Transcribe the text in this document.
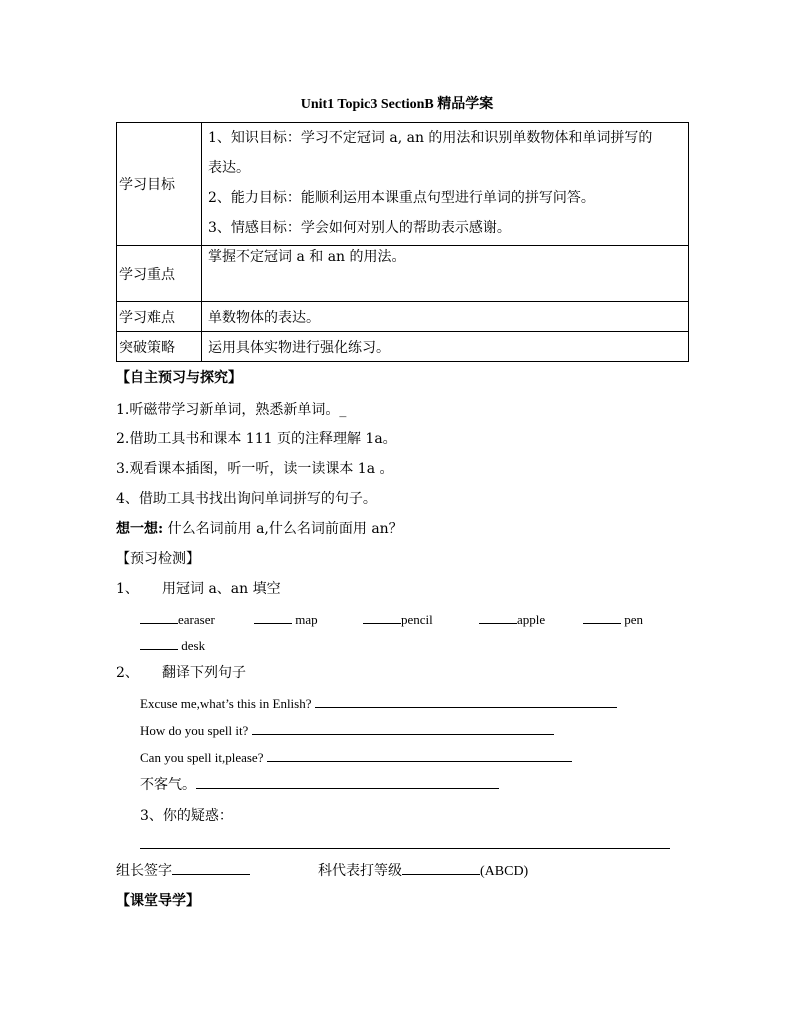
Unit1 Topic3 SectionB 精品学案
学习目标	1、知识目标：学习不定冠词 a, an 的用法和识别单数物体和单词拼写的
表达。
2、能力目标：能顺利运用本课重点句型进行单词的拼写问答。
3、情感目标：学会如何对别人的帮助表示感谢。

学习重点	掌握不定冠词 a 和 an 的用法。

学习难点	单数物体的表达。
突破策略	运用具体实物进行强化练习。
【自主预习与探究】
1.听磁带学习新单词，熟悉新单词。_
2.借助工具书和课本 111 页的注释理解 1a。
3.观看课本插图，听一听，读一读课本 1a 。
4、借助工具书找出询问单词拼写的句子。
想一想: 什么名词前用 a,什么名词前面用 an？
【预习检测】
1、 用冠词 a、an 填空
earaser	map	pencil	apple	pen
desk
2、 翻译下列句子
Excuse me,what’s this in Enlish?
How do you spell it?
Can you spell it,please?
不客气。
3、你的疑惑：
组长签字	科代表打等级	(ABCD)
【课堂导学】
